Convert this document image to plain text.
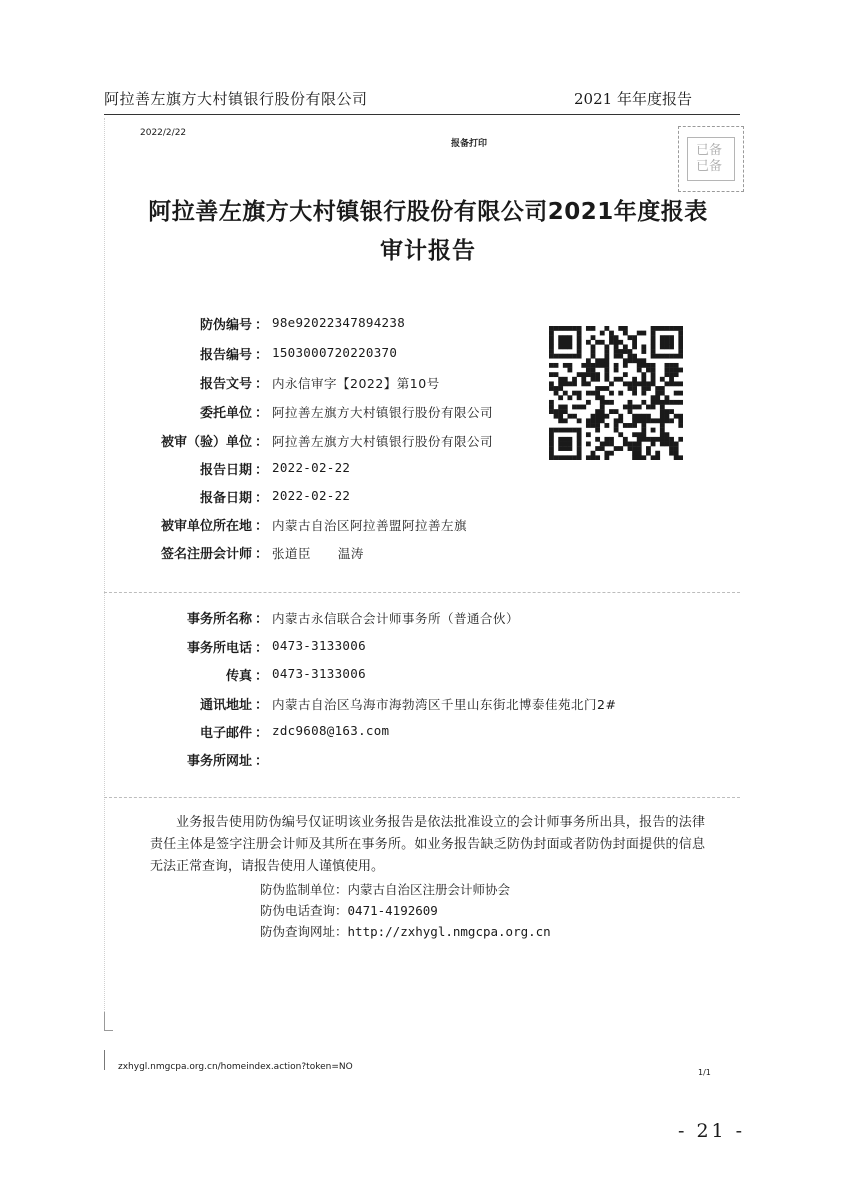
阿拉善左旗方大村镇银行股份有限公司	2021 年年度报告
2022/2/22
报备打印	已备 已备
阿拉善左旗方大村镇银行股份有限公司2021年度报表
审计报告
防伪编号 ： 98e92022347894238
报告编号 ： 1503000720220370
报告文号 ： 内永信审字【2022】第10号
委托单位 ： 阿拉善左旗方大村镇银行股份有限公司
被审（验）单位 ： 阿拉善左旗方大村镇银行股份有限公司
报告日期 ： 2022-02-22
报备日期 ： 2022-02-22
被审单位所在地 ： 内蒙古自治区阿拉善盟阿拉善左旗
签名注册会计师 ： 张道臣      温涛
事务所名称 ： 内蒙古永信联合会计师事务所（普通合伙）
事务所电话 ： 0473-3133006
传真 ： 0473-3133006
通讯地址 ： 内蒙古自治区乌海市海勃湾区千里山东街北博泰佳苑北门2#
电子邮件 ： zdc9608@163.com
事务所网址 ：
业务报告使用防伪编号仅证明该业务报告是依法批准设立的会计师事务所出具，报告的法律责任主体是签字注册会计师及其所在事务所。如业务报告缺乏防伪封面或者防伪封面提供的信息无法正常查询，请报告使用人谨慎使用。
防伪监制单位：内蒙古自治区注册会计师协会
防伪电话查询：0471-4192609
防伪查询网址：http://zxhygl.nmgcpa.org.cn
zxhygl.nmgcpa.org.cn/homeindex.action?token=NO
1/1
- 21 -
